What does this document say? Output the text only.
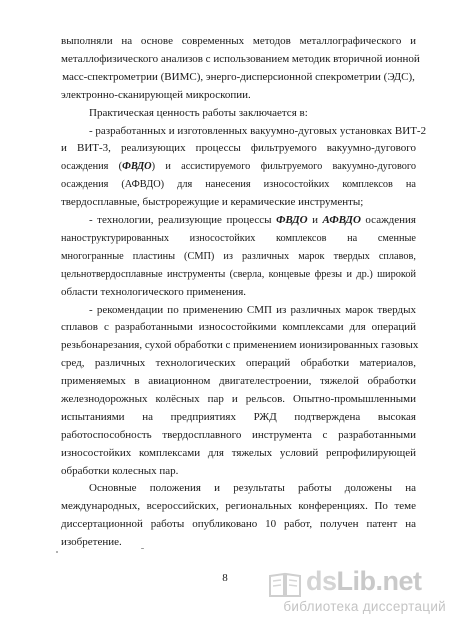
выполняли на основе современных методов металлографического и
металлофизического анализов с использованием методик вторичной ионной
масс-спектрометрии (ВИМС), энерго-дисперсионной спекрометрии (ЭДС),
электронно-сканирующей микроскопии.
Практическая ценность работы заключается в:
- разработанных и изготовленных вакуумно-дуговых установках ВИТ-2
и ВИТ-3, реализующих процессы фильтруемого вакуумно-дугового
осаждения (ФВДО) и ассистируемого фильтруемого вакуумно-дугового
осаждения (АФВДО) для нанесения износостойких комплексов на
твердосплавные, быстрорежущие и керамические инструменты;
- технологии, реализующие процессы ФВДО и АФВДО осаждения
наноструктурированных износостойких комплексов на сменные
многогранные пластины (СМП) из различных марок твердых сплавов,
цельнотвердосплавные инструменты (сверла, концевые фрезы и др.) широкой
области технологического применения.
- рекомендации по применению СМП из различных марок твердых
сплавов с разработанными износостойкими комплексами для операций
резьбонарезания, сухой обработки с применением ионизированных газовых
сред, различных технологических операций обработки материалов,
применяемых в авиационном двигателестроении, тяжелой обработки
железнодорожных колёсных пар и рельсов. Опытно-промышленными
испытаниями на предприятиях РЖД подтверждена высокая
работоспособность твердосплавного инструмента с разработанными
износостойких комплексами для тяжелых условий репрофилирующей
обработки колесных пар.
Основные положения и результаты работы доложены на
международных, всероссийских, региональных конференциях. По теме
диссертационной работы опубликовано 10 работ, получен патент на
изобретение.
8	dsLib.net
библиотека диссертаций
